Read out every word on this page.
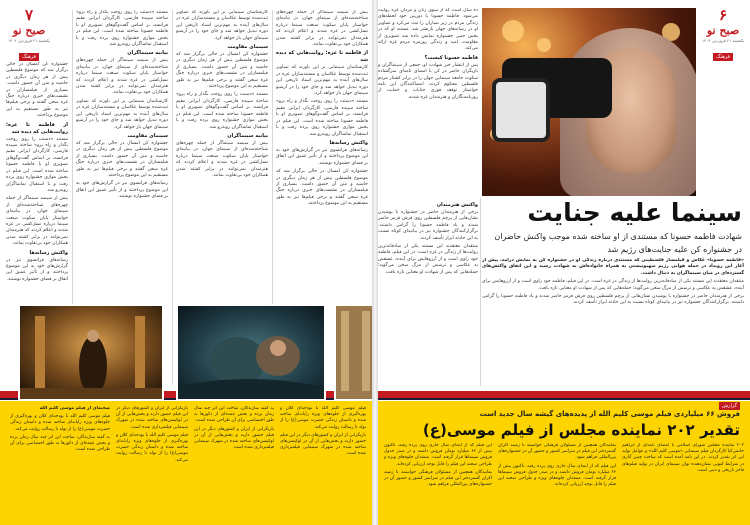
۷
صبح نو
یکشنبه ۲۱ فروردین ۱۴۰۴
فرهنگ

جشنواره کن امسال در حالی برگزار شد که موضوع فلسطین بیش از هر زمان دیگری در حاشیه و متن آن حضور داشت. بسیاری از فیلمسازان در نشست‌های خبری درباره جنگ غزه سخن گفتند و برخی فیلم‌ها نیز به طور مستقیم به این موضوع پرداختند.

از فاطمه تا غزه؛ روایت‌هایی که دیده شد

مستند «دستت را روی روحت بگذار و راه برو» ساخته سپیده فارسی، کارگردان ایرانی مقیم فرانسه، بر اساس گفت‌وگوهای تصویری او با فاطمه حسونا ساخته شده است. این فیلم در بخش موازی جشنواره روی پرده رفت و با استقبال تماشاگران روبه‌رو شد.

بیش از سیصد سینماگر از جمله چهره‌های شناخته‌شده‌ای از سینمای جهان، در بیانیه‌ای خواستار پایان سکوت صنعت سینما درباره نسل‌کشی در غزه شدند و اعلام کردند که هنرمندان نمی‌توانند در برابر کشته شدن همکاران خود بی‌تفاوت بمانند.

واکنش رسانه‌ها

رسانه‌های فرانسوی نیز در گزارش‌های خود به این موضوع پرداختند و از تأثیر عمیق این اتفاق بر فضای جشنواره نوشتند.

مستند «دستت را روی روحت بگذار و راه برو» ساخته سپیده فارسی، کارگردان ایرانی مقیم فرانسه، بر اساس گفت‌وگوهای تصویری او با فاطمه حسونا ساخته شده است. این فیلم در بخش موازی جشنواره روی پرده رفت و با استقبال تماشاگران روبه‌رو شد.

بیانیه سینماگران

بیش از سیصد سینماگر از جمله چهره‌های شناخته‌شده‌ای از سینمای جهان، در بیانیه‌ای خواستار پایان سکوت صنعت سینما درباره نسل‌کشی در غزه شدند و اعلام کردند که هنرمندان نمی‌توانند در برابر کشته شدن همکاران خود بی‌تفاوت بمانند.

کارشناسان سینمایی بر این باورند که تصاویر ثبت‌شده توسط عکاسان و مستندسازان غزه در سال‌های آینده به مهم‌ترین اسناد تاریخی این دوره تبدیل خواهد شد و جای خود را در آرشیو سینمای جهان باز خواهد کرد.

سینمای مقاومت

جشنواره کن امسال در حالی برگزار شد که موضوع فلسطین بیش از هر زمان دیگری در حاشیه و متن آن حضور داشت. بسیاری از فیلمسازان در نشست‌های خبری درباره جنگ غزه سخن گفتند و برخی فیلم‌ها نیز به طور مستقیم به این موضوع پرداختند.

رسانه‌های فرانسوی نیز در گزارش‌های خود به این موضوع پرداختند و از تأثیر عمیق این اتفاق بر فضای جشنواره نوشتند.

کارشناسان سینمایی بر این باورند که تصاویر ثبت‌شده توسط عکاسان و مستندسازان غزه در سال‌های آینده به مهم‌ترین اسناد تاریخی این دوره تبدیل خواهد شد و جای خود را در آرشیو سینمای جهان باز خواهد کرد.

سینمای مقاومت

جشنواره کن امسال در حالی برگزار شد که موضوع فلسطین بیش از هر زمان دیگری در حاشیه و متن آن حضور داشت. بسیاری از فیلمسازان در نشست‌های خبری درباره جنگ غزه سخن گفتند و برخی فیلم‌ها نیز به طور مستقیم به این موضوع پرداختند.

مستند «دستت را روی روحت بگذار و راه برو» ساخته سپیده فارسی، کارگردان ایرانی مقیم فرانسه، بر اساس گفت‌وگوهای تصویری او با فاطمه حسونا ساخته شده است. این فیلم در بخش موازی جشنواره روی پرده رفت و با استقبال تماشاگران روبه‌رو شد.

بیانیه سینماگران

بیش از سیصد سینماگر از جمله چهره‌های شناخته‌شده‌ای از سینمای جهان، در بیانیه‌ای خواستار پایان سکوت صنعت سینما درباره نسل‌کشی در غزه شدند و اعلام کردند که هنرمندان نمی‌توانند در برابر کشته شدن همکاران خود بی‌تفاوت بمانند.

بیش از سیصد سینماگر از جمله چهره‌های شناخته‌شده‌ای از سینمای جهان، در بیانیه‌ای خواستار پایان سکوت صنعت سینما درباره نسل‌کشی در غزه شدند و اعلام کردند که هنرمندان نمی‌توانند در برابر کشته شدن همکاران خود بی‌تفاوت بمانند.

از فاطمه تا غزه؛ روایت‌هایی که دیده شد

کارشناسان سینمایی بر این باورند که تصاویر ثبت‌شده توسط عکاسان و مستندسازان غزه در سال‌های آینده به مهم‌ترین اسناد تاریخی این دوره تبدیل خواهد شد و جای خود را در آرشیو سینمای جهان باز خواهد کرد.

مستند «دستت را روی روحت بگذار و راه برو» ساخته سپیده فارسی، کارگردان ایرانی مقیم فرانسه، بر اساس گفت‌وگوهای تصویری او با فاطمه حسونا ساخته شده است. این فیلم در بخش موازی جشنواره روی پرده رفت و با استقبال تماشاگران روبه‌رو شد.

واکنش رسانه‌ها

رسانه‌های فرانسوی نیز در گزارش‌های خود به این موضوع پرداختند و از تأثیر عمیق این اتفاق بر فضای جشنواره نوشتند.

جشنواره کن امسال در حالی برگزار شد که موضوع فلسطین بیش از هر زمان دیگری در حاشیه و متن آن حضور داشت. بسیاری از فیلمسازان در نشست‌های خبری درباره جنگ غزه سخن گفتند و برخی فیلم‌ها نیز به طور مستقیم به این موضوع پرداختند.

صحنه‌ای از فیلم موسی کلیم الله

فیلم موسی کلیم الله با بودجه‌ای کلان و بهره‌گیری از جلوه‌های ویژه رایانه‌ای ساخته شده و داستان زندگی حضرت موسی(ع) را از تولد تا رسالت روایت می‌کند.

به گفته سازندگان، ساخت این اثر چند سال زمان برده و بخش عمده‌ای از دکورها به طور اختصاصی برای آن طراحی شده است.

بازیگرانی از ایران و کشورهای دیگر در این فیلم حضور دارند و بخش‌هایی از آن در لوکیشن‌های ساخته شده در شهرک سینمایی فیلمبرداری شده است.

فیلم موسی کلیم الله با بودجه‌ای کلان و بهره‌گیری از جلوه‌های ویژه رایانه‌ای ساخته شده و داستان زندگی حضرت موسی(ع) را از تولد تا رسالت روایت می‌کند.

به گفته سازندگان، ساخت این اثر چند سال زمان برده و بخش عمده‌ای از دکورها به طور اختصاصی برای آن طراحی شده است.

بازیگرانی از ایران و کشورهای دیگر در این فیلم حضور دارند و بخش‌هایی از آن در لوکیشن‌های ساخته شده در شهرک سینمایی فیلمبرداری شده است.

فیلم موسی کلیم الله با بودجه‌ای کلان و بهره‌گیری از جلوه‌های ویژه رایانه‌ای ساخته شده و داستان زندگی حضرت موسی(ع) را از تولد تا رسالت روایت می‌کند.

بازیگرانی از ایران و کشورهای دیگر در این فیلم حضور دارند و بخش‌هایی از آن در لوکیشن‌های ساخته شده در شهرک سینمایی فیلمبرداری شده است.

۶
صبح نو
یکشنبه ۲۱ فروردین ۱۴۰۴
فرهنگ

ده سال است که از سوی زنان و مردان غزه روایت می‌شود. فاطمه حسونا با دوربین خود لحظه‌های زندگی مردم در زیر بمباران را ثبت می‌کرد و تصاویر او در رسانه‌های جهان بازنشر شد. مستند او که در بخش جنبی جشنواره نمایش داده شد تصویری از مقاومت، امید و زندگی روزمره مردم غزه ارائه می‌کند.

فاطمه حسونا کیست؟

پس از انتشار خبر شهادت او، جمعی از سینماگران و بازیگران حاضر در کن با امضای نامه‌ای سرگشاده سکوت جامعه سینمایی جهان را در برابر کشتار مردم فلسطین محکوم کردند. امضاکنندگان این نامه خواستار توقف فوری جنایات و حمایت از روزنامه‌نگاران و هنرمندان غزه شدند.

سینما علیه جنایت
شهادت فاطمه حسونا که مستندی از او ساخته شده موجب واکنش حاضران
در جشنواره کن علیه جنایت‌های رژیم شد

«فاطمه حسونا» عکاس و فیلمساز فلسطینی که مستندی درباره زندگی او در جشنواره کن به نمایش درآمد، پیش از آغاز این رویداد در حمله هوایی رژیم صهیونیستی به همراه خانواده‌اش به شهادت رسید و این اتفاق واکنش‌های گسترده‌ای در میان سینماگران به دنبال داشت.

منتقدان معتقدند این مستند یکی از صادقانه‌ترین روایت‌ها از زندگی در غزه است. در این فیلم، فاطمه خود راوی است و از آرزوهایش برای آینده، عشقش به عکاسی و ترسش از مرگ سخن می‌گوید؛ جمله‌هایی که پس از شهادت او معنایی تازه یافت.

برخی از هنرمندان حاضر در جشنواره با پوشیدن نشان‌هایی از پرچم فلسطین روی فرش قرمز حاضر شدند و یاد فاطمه حسونا را گرامی داشتند. برگزارکنندگان جشنواره نیز در بیانیه‌ای کوتاه نسبت به این حادثه ابراز تأسف کردند.

واکنش هنرمندان

برخی از هنرمندان حاضر در جشنواره با پوشیدن نشان‌هایی از پرچم فلسطین روی فرش قرمز حاضر شدند و یاد فاطمه حسونا را گرامی داشتند. برگزارکنندگان جشنواره نیز در بیانیه‌ای کوتاه نسبت به این حادثه ابراز تأسف کردند.

منتقدان معتقدند این مستند یکی از صادقانه‌ترین روایت‌ها از زندگی در غزه است. در این فیلم، فاطمه خود راوی است و از آرزوهایش برای آینده، عشقش به عکاسی و ترسش از مرگ سخن می‌گوید؛ جمله‌هایی که پس از شهادت او معنایی تازه یافت.

گزارش
فروش ۶۶ میلیاردی فیلم موسی کلیم الله از پدیده‌های گیشه سال جدید است
تقدیر ۲۰۲ نماینده مجلس از فیلم موسی(ع)

این فیلم که از ابتدای سال جاری روی پرده رفته، تاکنون بیش از ۶۶ میلیارد تومان فروش داشته و در صدر جدول فروش سینماها قرار گرفته است. منتقدان جلوه‌های ویژه و طراحی صحنه این فیلم را قابل توجه ارزیابی کرده‌اند.

نمایندگان همچنین از مسئولان فرهنگی خواستند تا زمینه اکران گسترده‌تر این فیلم در سراسر کشور و حضور آن در جشنواره‌های بین‌المللی فراهم شود.

نمایندگان همچنین از مسئولان فرهنگی خواستند تا زمینه اکران گسترده‌تر این فیلم در سراسر کشور و حضور آن در جشنواره‌های بین‌المللی فراهم شود.

این فیلم که از ابتدای سال جاری روی پرده رفته، تاکنون بیش از ۶۶ میلیارد تومان فروش داشته و در صدر جدول فروش سینماها قرار گرفته است. منتقدان جلوه‌های ویژه و طراحی صحنه این فیلم را قابل توجه ارزیابی کرده‌اند.

۲۰۲ نماینده مجلس شورای اسلامی با امضای نامه‌ای از ابراهیم حاتمی‌کیا کارگردان فیلم سینمایی «موسی کلیم الله» و عوامل تولید این اثر تقدیر کردند. در این نامه آمده است که ساخت چنین آثاری در شرایط کنونی نشان‌دهنده توان سینمای ایران در تولید فیلم‌های فاخر تاریخی و دینی است.
